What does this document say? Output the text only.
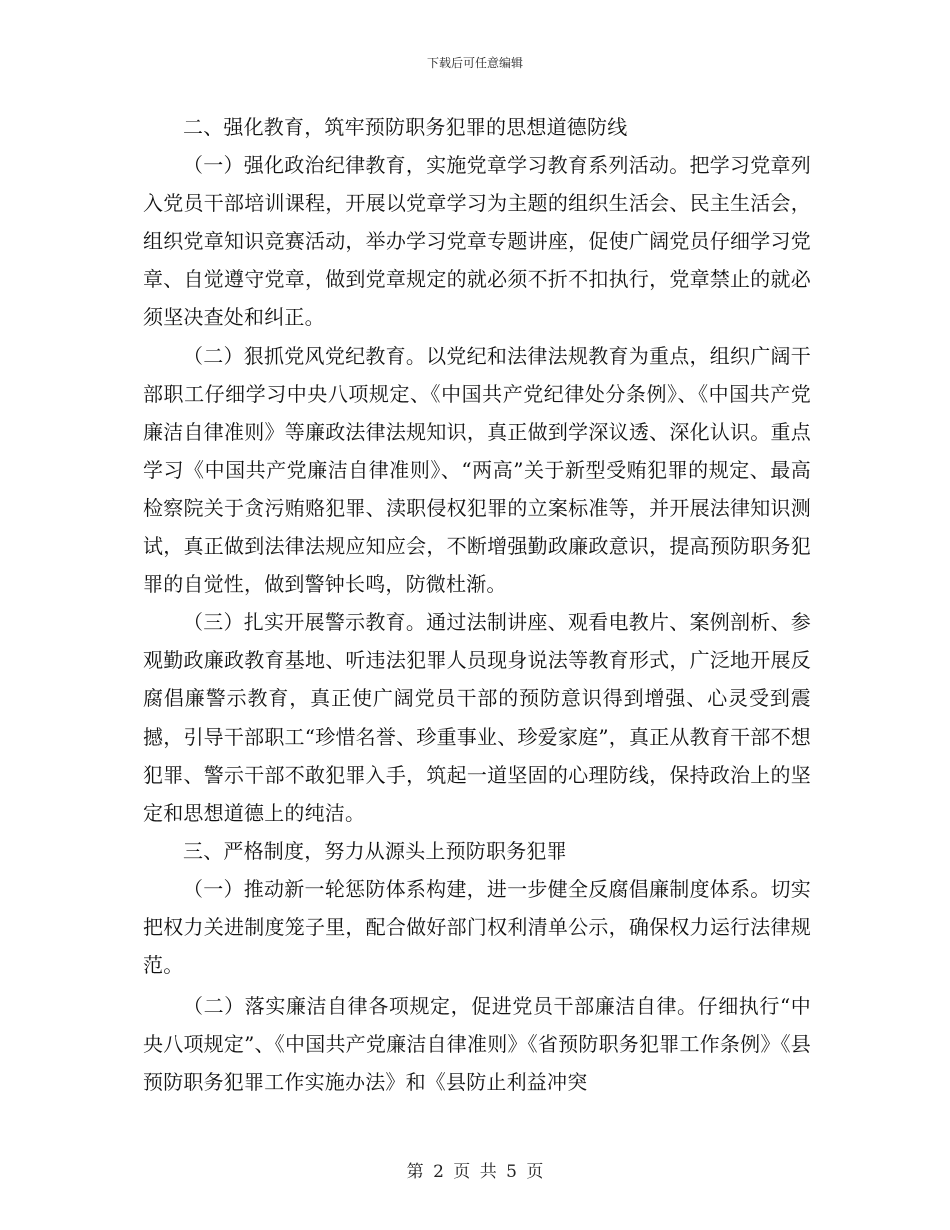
下载后可任意编辑

二、强化教育，筑牢预防职务犯罪的思想道德防线

（一）强化政治纪律教育，实施党章学习教育系列活动。把学习党章列入党员干部培训课程，开展以党章学习为主题的组织生活会、民主生活会，组织党章知识竞赛活动，举办学习党章专题讲座，促使广阔党员仔细学习党章、自觉遵守党章，做到党章规定的就必须不折不扣执行，党章禁止的就必须坚决查处和纠正。

（二）狠抓党风党纪教育。以党纪和法律法规教育为重点，组织广阔干部职工仔细学习中央八项规定、《中国共产党纪律处分条例》、《中国共产党廉洁自律准则》等廉政法律法规知识，真正做到学深议透、深化认识。重点学习《中国共产党廉洁自律准则》、“两高”关于新型受贿犯罪的规定、最高检察院关于贪污贿赂犯罪、渎职侵权犯罪的立案标准等，并开展法律知识测试，真正做到法律法规应知应会，不断增强勤政廉政意识，提高预防职务犯罪的自觉性，做到警钟长鸣，防微杜渐。

（三）扎实开展警示教育。通过法制讲座、观看电教片、案例剖析、参观勤政廉政教育基地、听违法犯罪人员现身说法等教育形式，广泛地开展反腐倡廉警示教育，真正使广阔党员干部的预防意识得到增强、心灵受到震撼，引导干部职工“珍惜名誉、珍重事业、珍爱家庭”，真正从教育干部不想犯罪、警示干部不敢犯罪入手，筑起一道坚固的心理防线，保持政治上的坚定和思想道德上的纯洁。

三、严格制度，努力从源头上预防职务犯罪

（一）推动新一轮惩防体系构建，进一步健全反腐倡廉制度体系。切实把权力关进制度笼子里，配合做好部门权利清单公示，确保权力运行法律规范。

（二）落实廉洁自律各项规定，促进党员干部廉洁自律。仔细执行“中央八项规定”、《中国共产党廉洁自律准则》《省预防职务犯罪工作条例》《县预防职务犯罪工作实施办法》和《县防止利益冲突

第 2 页 共 5 页
